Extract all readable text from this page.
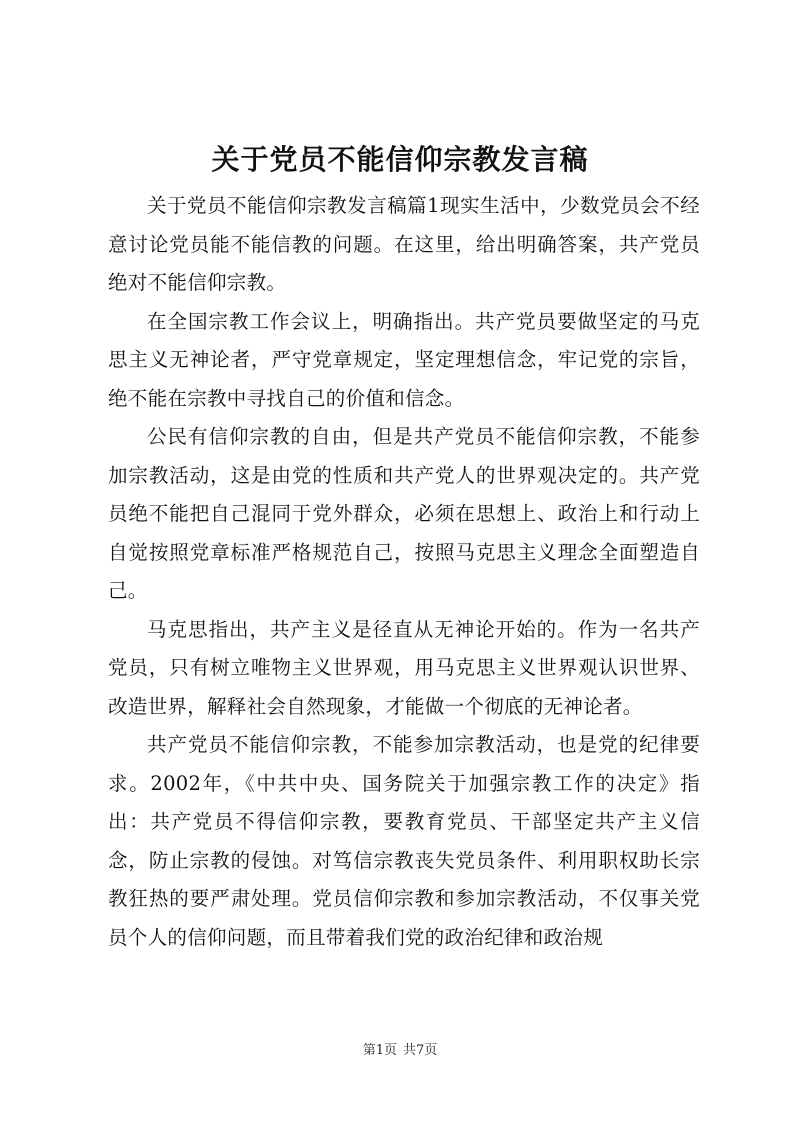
关于党员不能信仰宗教发言稿

关于党员不能信仰宗教发言稿篇1现实生活中，少数党员会不经意讨论党员能不能信教的问题。在这里，给出明确答案，共产党员绝对不能信仰宗教。

在全国宗教工作会议上，明确指出。共产党员要做坚定的马克思主义无神论者，严守党章规定，坚定理想信念，牢记党的宗旨，绝不能在宗教中寻找自己的价值和信念。

公民有信仰宗教的自由，但是共产党员不能信仰宗教，不能参加宗教活动，这是由党的性质和共产党人的世界观决定的。共产党员绝不能把自己混同于党外群众，必须在思想上、政治上和行动上自觉按照党章标准严格规范自己，按照马克思主义理念全面塑造自己。

马克思指出，共产主义是径直从无神论开始的。作为一名共产党员，只有树立唯物主义世界观，用马克思主义世界观认识世界、改造世界，解释社会自然现象，才能做一个彻底的无神论者。

共产党员不能信仰宗教，不能参加宗教活动，也是党的纪律要求。2002年，《中共中央、国务院关于加强宗教工作的决定》指出：共产党员不得信仰宗教，要教育党员、干部坚定共产主义信念，防止宗教的侵蚀。对笃信宗教丧失党员条件、利用职权助长宗教狂热的要严肃处理。党员信仰宗教和参加宗教活动，不仅事关党员个人的信仰问题，而且带着我们党的政治纪律和政治规

第1页 共7页
